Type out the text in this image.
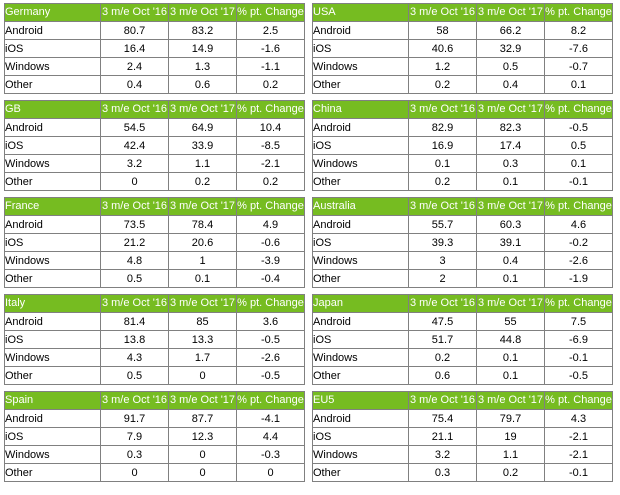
Germany	3 m/e Oct '16	3 m/e Oct '17	% pt. Change
Android	80.7	83.2	2.5
iOS	16.4	14.9	-1.6
Windows	2.4	1.3	-1.1
Other	0.4	0.6	0.2
GB	3 m/e Oct '16	3 m/e Oct '17	% pt. Change
Android	54.5	64.9	10.4
iOS	42.4	33.9	-8.5
Windows	3.2	1.1	-2.1
Other	0	0.2	0.2
France	3 m/e Oct '16	3 m/e Oct '17	% pt. Change
Android	73.5	78.4	4.9
iOS	21.2	20.6	-0.6
Windows	4.8	1	-3.9
Other	0.5	0.1	-0.4
Italy	3 m/e Oct '16	3 m/e Oct '17	% pt. Change
Android	81.4	85	3.6
iOS	13.8	13.3	-0.5
Windows	4.3	1.7	-2.6
Other	0.5	0	-0.5
Spain	3 m/e Oct '16	3 m/e Oct '17	% pt. Change
Android	91.7	87.7	-4.1
iOS	7.9	12.3	4.4
Windows	0.3	0	-0.3
Other	0	0	0
USA	3 m/e Oct '16	3 m/e Oct '17	% pt. Change
Android	58	66.2	8.2
iOS	40.6	32.9	-7.6
Windows	1.2	0.5	-0.7
Other	0.2	0.4	0.1
China	3 m/e Oct '16	3 m/e Oct '17	% pt. Change
Android	82.9	82.3	-0.5
iOS	16.9	17.4	0.5
Windows	0.1	0.3	0.1
Other	0.2	0.1	-0.1
Australia	3 m/e Oct '16	3 m/e Oct '17	% pt. Change
Android	55.7	60.3	4.6
iOS	39.3	39.1	-0.2
Windows	3	0.4	-2.6
Other	2	0.1	-1.9
Japan	3 m/e Oct '16	3 m/e Oct '17	% pt. Change
Android	47.5	55	7.5
iOS	51.7	44.8	-6.9
Windows	0.2	0.1	-0.1
Other	0.6	0.1	-0.5
EU5	3 m/e Oct '16	3 m/e Oct '17	% pt. Change
Android	75.4	79.7	4.3
iOS	21.1	19	-2.1
Windows	3.2	1.1	-2.1
Other	0.3	0.2	-0.1
